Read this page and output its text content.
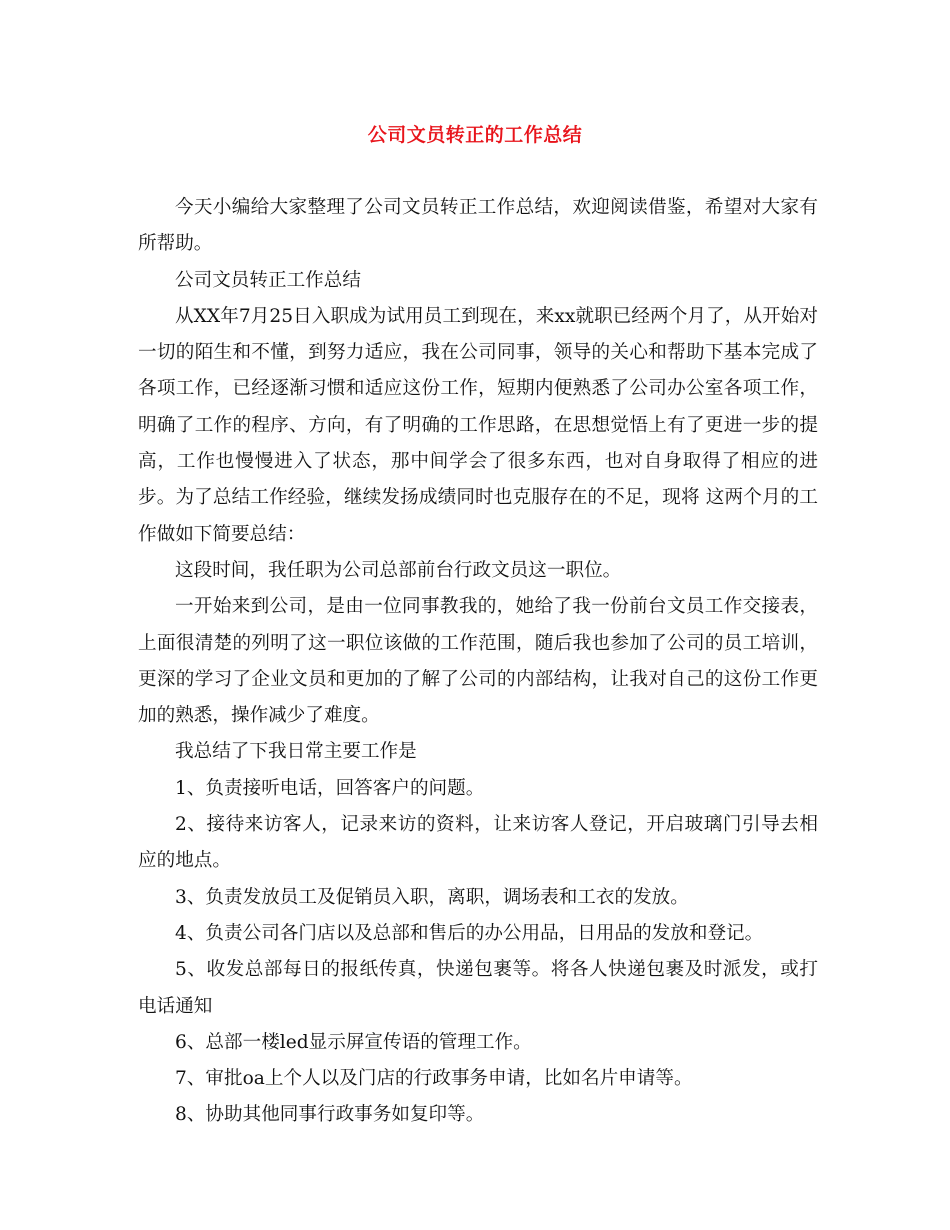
公司文员转正的工作总结

今天小编给大家整理了公司文员转正工作总结，欢迎阅读借鉴，希望对大家有所帮助。

公司文员转正工作总结

从XX年7月25日入职成为试用员工到现在，来xx就职已经两个月了，从开始对一切的陌生和不懂，到努力适应，我在公司同事，领导的关心和帮助下基本完成了各项工作，已经逐渐习惯和适应这份工作，短期内便熟悉了公司办公室各项工作，明确了工作的程序、方向，有了明确的工作思路，在思想觉悟上有了更进一步的提高，工作也慢慢进入了状态，那中间学会了很多东西，也对自身取得了相应的进步。为了总结工作经验，继续发扬成绩同时也克服存在的不足，现将 这两个月的工作做如下简要总结：

这段时间，我任职为公司总部前台行政文员这一职位。

一开始来到公司，是由一位同事教我的，她给了我一份前台文员工作交接表，上面很清楚的列明了这一职位该做的工作范围，随后我也参加了公司的员工培训，更深的学习了企业文员和更加的了解了公司的内部结构，让我对自己的这份工作更加的熟悉，操作减少了难度。

我总结了下我日常主要工作是

1、负责接听电话，回答客户的问题。

2、接待来访客人，记录来访的资料，让来访客人登记，开启玻璃门引导去相应的地点。

3、负责发放员工及促销员入职，离职，调场表和工衣的发放。

4、负责公司各门店以及总部和售后的办公用品，日用品的发放和登记。

5、收发总部每日的报纸传真，快递包裹等。将各人快递包裹及时派发，或打电话通知

6、总部一楼led显示屏宣传语的管理工作。

7、审批oa上个人以及门店的行政事务申请，比如名片申请等。

8、协助其他同事行政事务如复印等。
